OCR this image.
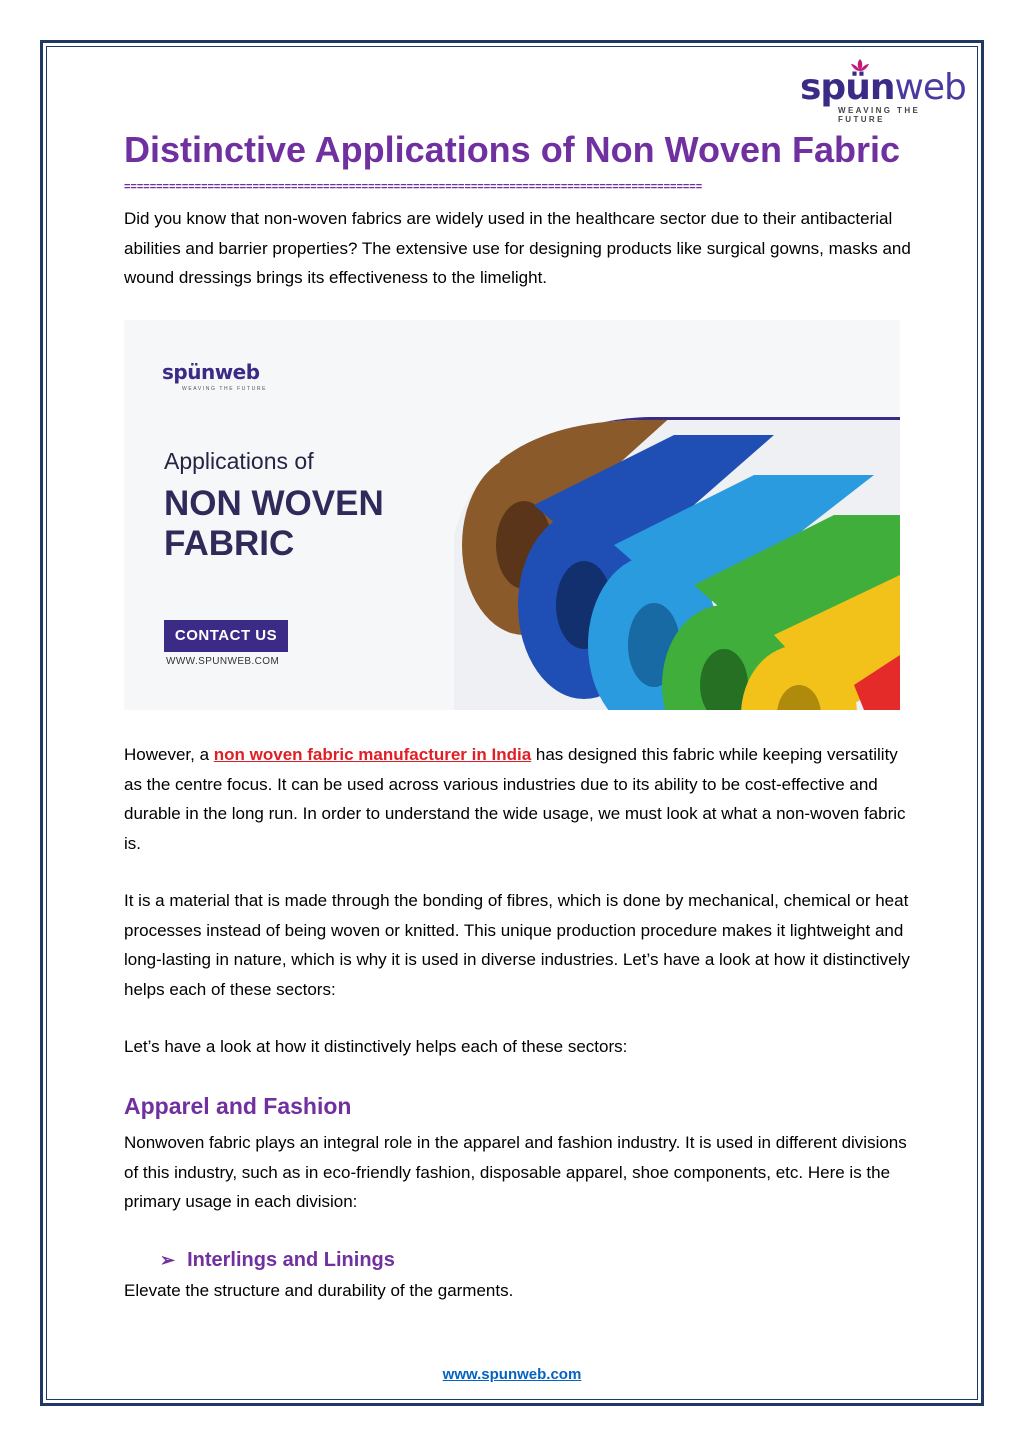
spünweb
WEAVING THE FUTURE
Distinctive Applications of Non Woven Fabric
==========================================================================================

Did you know that non-woven fabrics are widely used in the healthcare sector due to their antibacterial abilities and barrier properties? The extensive use for designing products like surgical gowns, masks and wound dressings brings its effectiveness to the limelight.

spünweb
WEAVING THE FUTURE
Applications of
NON WOVEN
FABRIC
CONTACT US
WWW.SPUNWEB.COM

However, a non woven fabric manufacturer in India has designed this fabric while keeping versatility as the centre focus. It can be used across various industries due to its ability to be cost-effective and durable in the long run. In order to understand the wide usage, we must look at what a non-woven fabric is.

It is a material that is made through the bonding of fibres, which is done by mechanical, chemical or heat processes instead of being woven or knitted. This unique production procedure makes it lightweight and long-lasting in nature, which is why it is used in diverse industries. Let’s have a look at how it distinctively helps each of these sectors:

Let’s have a look at how it distinctively helps each of these sectors:

Apparel and Fashion

Nonwoven fabric plays an integral role in the apparel and fashion industry. It is used in different divisions of this industry, such as in eco-friendly fashion, disposable apparel, shoe components, etc. Here is the primary usage in each division:

➢ Interlings and Linings

Elevate the structure and durability of the garments.

www.spunweb.com
